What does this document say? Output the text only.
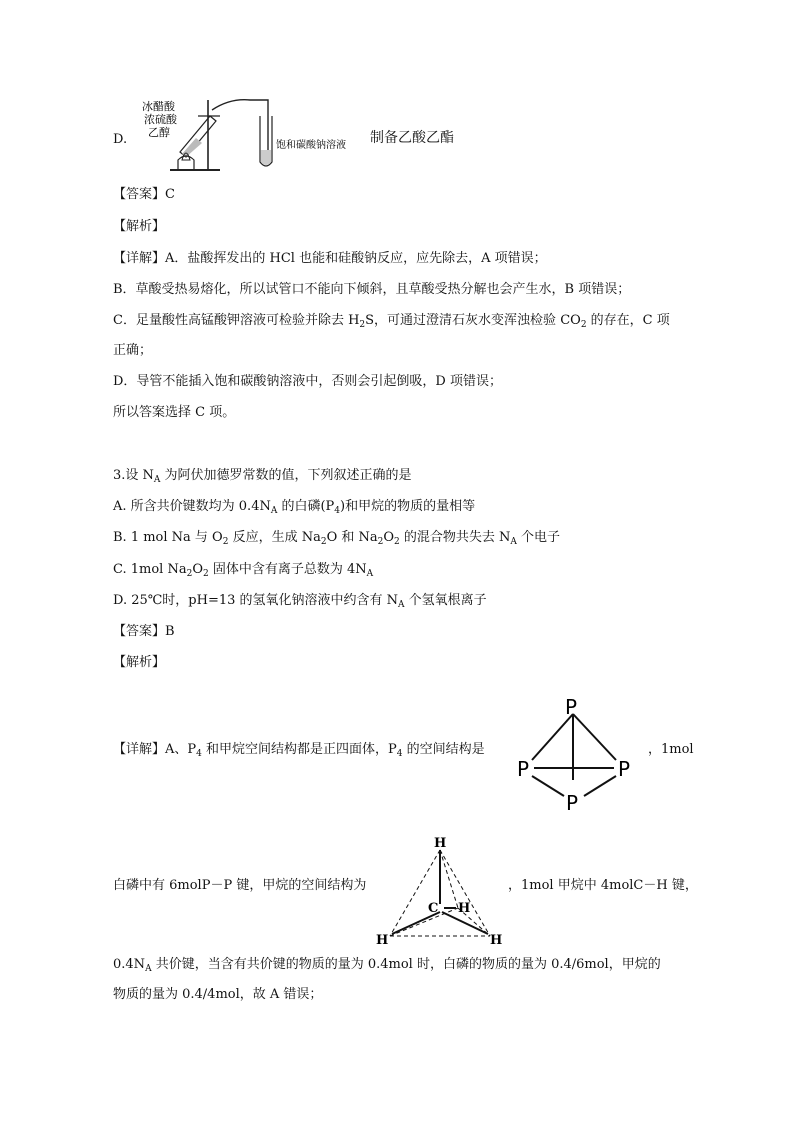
D.
冰醋酸
浓硫酸
乙醇
饱和碳酸钠溶液 制备乙酸乙酯
【答案】C
【解析】
【详解】A．盐酸挥发出的 HCl 也能和硅酸钠反应，应先除去，A 项错误；
B．草酸受热易熔化，所以试管口不能向下倾斜，且草酸受热分解也会产生水，B 项错误；
C．足量酸性高锰酸钾溶液可检验并除去 $H_2S$，可通过澄清石灰水变浑浊检验 $CO_2$ 的存在，C 项
正确；
D．导管不能插入饱和碳酸钠溶液中，否则会引起倒吸，D 项错误；
所以答案选择 C 项。
3.设 $N_A$ 为阿伏加德罗常数的值，下列叙述正确的是
A. 所含共价键数均为 $0.4N_A$ 的白磷$(P_4)$和甲烷的物质的量相等
B. 1 mol Na 与 $O_2$ 反应，生成 $Na_2O$ 和 $Na_2O_2$ 的混合物共失去 $N_A$ 个电子
C. 1mol $Na_2O_2$ 固体中含有离子总数为 $4N_A$
D. 25℃时，pH=13 的氢氧化钠溶液中约含有 $N_A$ 个氢氧根离子
【答案】B
【解析】
【详解】A、$P_4$ 和甲烷空间结构都是正四面体，$P_4$ 的空间结构是
P
P	P
P
，1mol
白磷中有 6molP－P 键，甲烷的空间结构为
H
C H
H	H
，1mol 甲烷中 4molC－H 键，
$0.4N_A$ 共价键，当含有共价键的物质的量为 0.4mol 时，白磷的物质的量为 0.4/6mol，甲烷的
物质的量为 0.4/4mol，故 A 错误；
